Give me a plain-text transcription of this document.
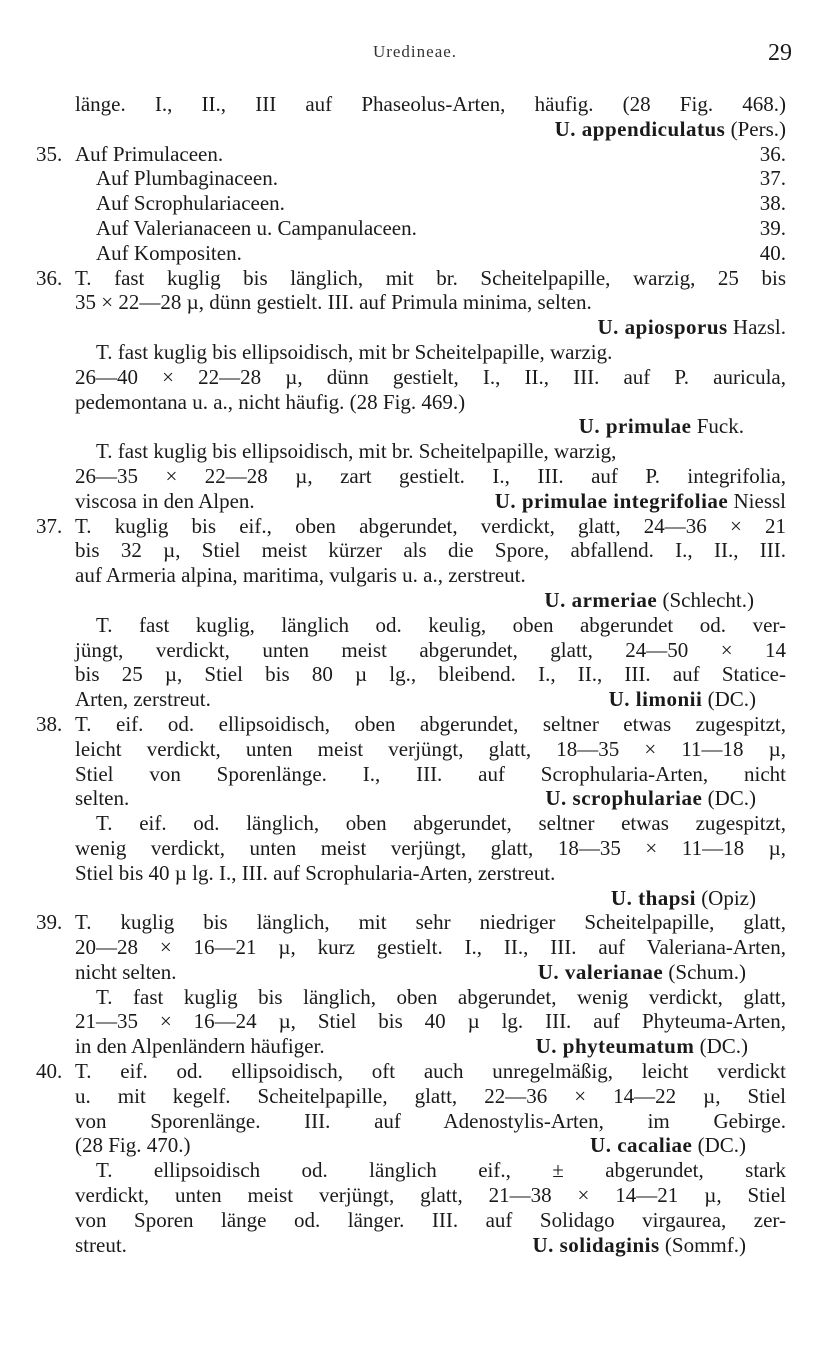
Uredineae.	29
länge. I., II., III auf Phaseolus-Arten, häufig. (28 Fig. 468.)
U. appendiculatus (Pers.)
35. Auf Primulaceen.	36.
Auf Plumbaginaceen.	37.
Auf Scrophulariaceen.	38.
Auf Valerianaceen u. Campanulaceen.	39.
Auf Kompositen.	40.
36. T. fast kuglig bis länglich, mit br. Scheitelpapille, warzig, 25 bis
35 × 22—28 µ, dünn gestielt. III. auf Primula minima, selten.
U. apiosporus Hazsl.
T. fast kuglig bis ellipsoidisch, mit br Scheitelpapille, warzig.
26—40 × 22—28 µ, dünn gestielt, I., II., III. auf P. auricula,
pedemontana u. a., nicht häufig. (28 Fig. 469.)
U. primulae Fuck.
T. fast kuglig bis ellipsoidisch, mit br. Scheitelpapille, warzig,
26—35 × 22—28 µ, zart gestielt. I., III. auf P. integrifolia,
viscosa in den Alpen.	U. primulae integrifoliae Niessl
37. T. kuglig bis eif., oben abgerundet, verdickt, glatt, 24—36 × 21
bis 32 µ, Stiel meist kürzer als die Spore, abfallend. I., II., III.
auf Armeria alpina, maritima, vulgaris u. a., zerstreut.
U. armeriae (Schlecht.)
T. fast kuglig, länglich od. keulig, oben abgerundet od. ver-
jüngt, verdickt, unten meist abgerundet, glatt, 24—50 × 14
bis 25 µ, Stiel bis 80 µ lg., bleibend. I., II., III. auf Statice-
Arten, zerstreut.	U. limonii (DC.)
38. T. eif. od. ellipsoidisch, oben abgerundet, seltner etwas zugespitzt,
leicht verdickt, unten meist verjüngt, glatt, 18—35 × 11—18 µ,
Stiel von Sporenlänge. I., III. auf Scrophularia-Arten, nicht
selten.	U. scrophulariae (DC.)
T. eif. od. länglich, oben abgerundet, seltner etwas zugespitzt,
wenig verdickt, unten meist verjüngt, glatt, 18—35 × 11—18 µ,
Stiel bis 40 µ lg. I., III. auf Scrophularia-Arten, zerstreut.
U. thapsi (Opiz)
39. T. kuglig bis länglich, mit sehr niedriger Scheitelpapille, glatt,
20—28 × 16—21 µ, kurz gestielt. I., II., III. auf Valeriana-Arten,
nicht selten.	U. valerianae (Schum.)
T. fast kuglig bis länglich, oben abgerundet, wenig verdickt, glatt,
21—35 × 16—24 µ, Stiel bis 40 µ lg. III. auf Phyteuma-Arten,
in den Alpenländern häufiger.	U. phyteumatum (DC.)
40. T. eif. od. ellipsoidisch, oft auch unregelmäßig, leicht verdickt
u. mit kegelf. Scheitelpapille, glatt, 22—36 × 14—22 µ, Stiel
von Sporenlänge. III. auf Adenostylis-Arten, im Gebirge.
(28 Fig. 470.)	U. cacaliae (DC.)
T. ellipsoidisch od. länglich eif., ± abgerundet, stark
verdickt, unten meist verjüngt, glatt, 21—38 × 14—21 µ, Stiel
von Sporen länge od. länger. III. auf Solidago virgaurea, zer-
streut.	U. solidaginis (Sommf.)
